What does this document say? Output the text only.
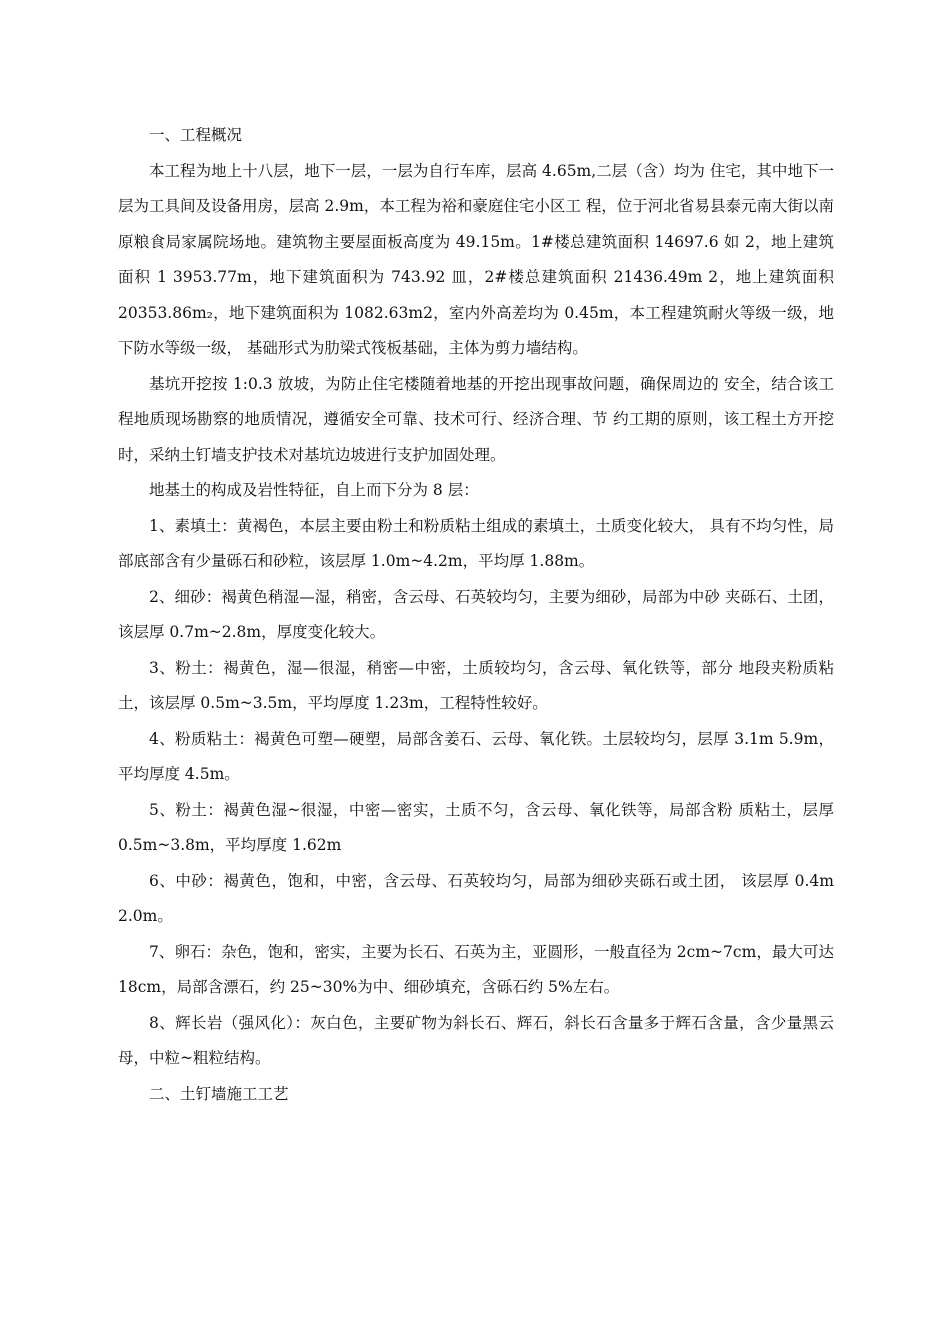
一、工程概况

本工程为地上十八层，地下一层，一层为自行车库，层高 4.65m,二层（含）均为 住宅，其中地下一层为工具间及设备用房，层高 2.9m，本工程为裕和豪庭住宅小区工 程，位于河北省易县泰元南大街以南原粮食局家属院场地。建筑物主要屋面板高度为 49.15m。1#楼总建筑面积 14697.6 如 2，地上建筑面积 1 3953.77m，地下建筑面积为 743.92 皿，2#楼总建筑面积 21436.49m 2，地上建筑面积 20353.86m₂，地下建筑面积为 1082.63m2，室内外高差均为 0.45m，本工程建筑耐火等级一级，地下防水等级一级， 基础形式为肋梁式筏板基础，主体为剪力墙结构。

基坑开挖按 1:0.3 放坡，为防止住宅楼随着地基的开挖出现事故问题，确保周边的 安全，结合该工程地质现场勘察的地质情况，遵循安全可靠、技术可行、经济合理、节 约工期的原则，该工程土方开挖时，采纳土钉墙支护技术对基坑边坡进行支护加固处理。

地基土的构成及岩性特征，自上而下分为 8 层：

1、素填土：黄褐色，本层主要由粉土和粉质粘土组成的素填土，土质变化较大， 具有不均匀性，局部底部含有少量砾石和砂粒，该层厚 1.0m~4.2m，平均厚 1.88m。

2、细砂：褐黄色稍湿—湿，稍密，含云母、石英较均匀，主要为细砂，局部为中砂 夹砾石、土团，该层厚 0.7m~2.8m，厚度变化较大。

3、粉土：褐黄色，湿—很湿，稍密—中密，土质较均匀，含云母、氧化铁等，部分 地段夹粉质粘土，该层厚 0.5m~3.5m，平均厚度 1.23m，工程特性较好。

4、粉质粘土：褐黄色可塑—硬塑，局部含姜石、云母、氧化铁。土层较均匀，层厚 3.1m 5.9m，平均厚度 4.5m。

5、粉土：褐黄色湿~很湿，中密—密实，土质不匀，含云母、氧化铁等，局部含粉 质粘土，层厚 0.5m~3.8m，平均厚度 1.62m

6、中砂：褐黄色，饱和，中密，含云母、石英较均匀，局部为细砂夹砾石或土团， 该层厚 0.4m 2.0m。

7、卵石：杂色，饱和，密实，主要为长石、石英为主，亚圆形，一般直径为 2cm~7cm，最大可达 18cm，局部含漂石，约 25~30%为中、细砂填充，含砾石约 5%左右。

8、辉长岩（强风化）：灰白色，主要矿物为斜长石、辉石，斜长石含量多于辉石含量，含少量黑云母，中粒~粗粒结构。

二、土钉墙施工工艺
